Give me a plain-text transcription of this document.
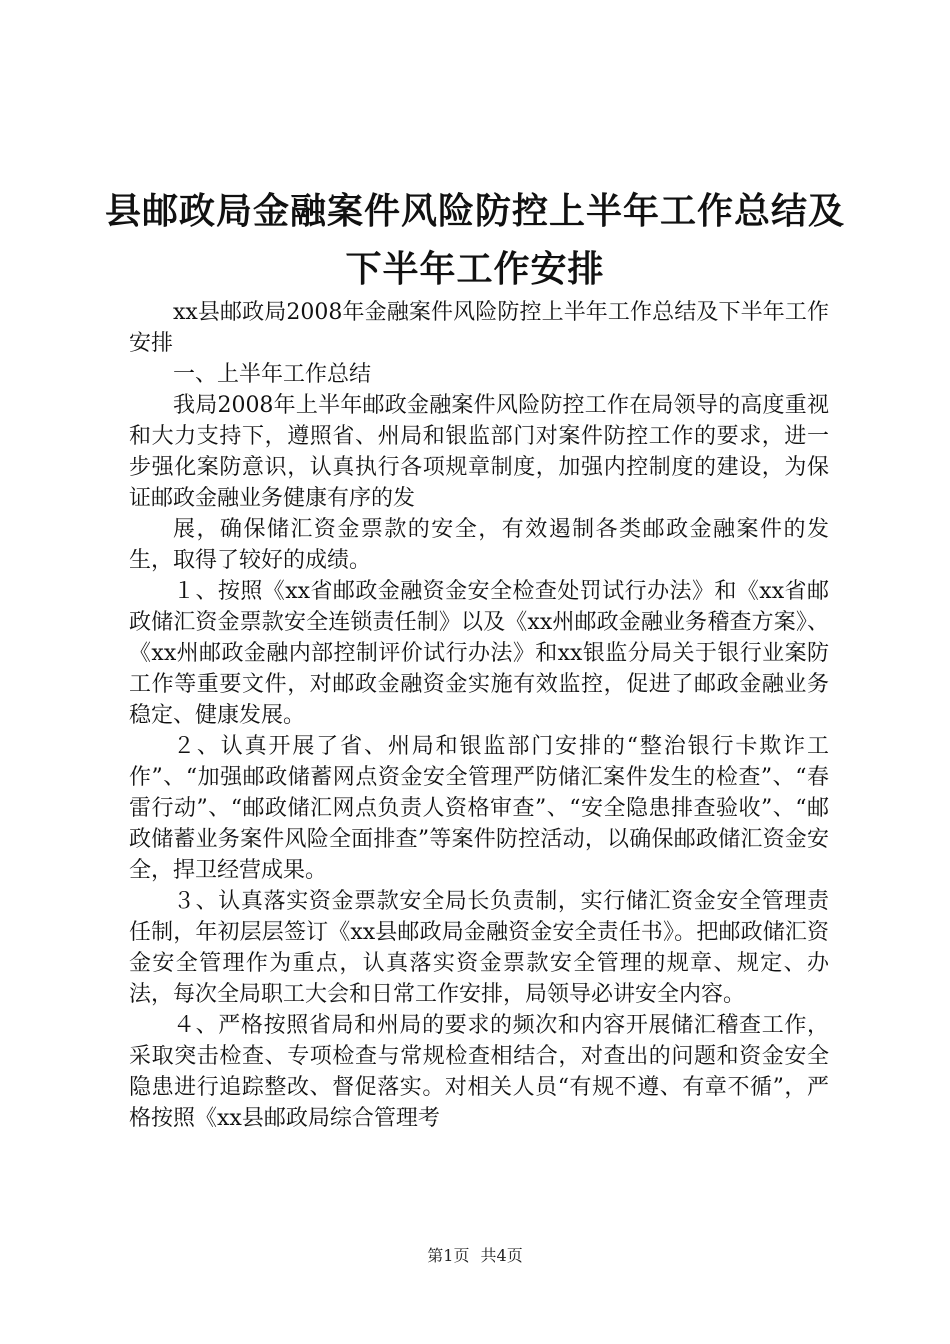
县邮政局金融案件风险防控上半年工作总结及
下半年工作安排

xx县邮政局2008年金融案件风险防控上半年工作总结及下半年工作安排

一、上半年工作总结

我局2008年上半年邮政金融案件风险防控工作在局领导的高度重视和大力支持下，遵照省、州局和银监部门对案件防控工作的要求，进一步强化案防意识，认真执行各项规章制度，加强内控制度的建设，为保证邮政金融业务健康有序的发

展，确保储汇资金票款的安全，有效遏制各类邮政金融案件的发生，取得了较好的成绩。

１、按照《xx省邮政金融资金安全检查处罚试行办法》和《xx省邮政储汇资金票款安全连锁责任制》以及《xx州邮政金融业务稽查方案》、《xx州邮政金融内部控制评价试行办法》和xx银监分局关于银行业案防工作等重要文件，对邮政金融资金实施有效监控，促进了邮政金融业务稳定、健康发展。

２、认真开展了省、州局和银监部门安排的“整治银行卡欺诈工作”、“加强邮政储蓄网点资金安全管理严防储汇案件发生的检查”、“春雷行动”、“邮政储汇网点负责人资格审查”、“安全隐患排查验收”、“邮政储蓄业务案件风险全面排查”等案件防控活动，以确保邮政储汇资金安全，捍卫经营成果。

３、认真落实资金票款安全局长负责制，实行储汇资金安全管理责任制，年初层层签订《xx县邮政局金融资金安全责任书》。把邮政储汇资金安全管理作为重点，认真落实资金票款安全管理的规章、规定、办法，每次全局职工大会和日常工作安排，局领导必讲安全内容。

４、严格按照省局和州局的要求的频次和内容开展储汇稽查工作，采取突击检查、专项检查与常规检查相结合，对查出的问题和资金安全隐患进行追踪整改、督促落实。对相关人员“有规不遵、有章不循”，严格按照《xx县邮政局综合管理考

第1页 共4页
